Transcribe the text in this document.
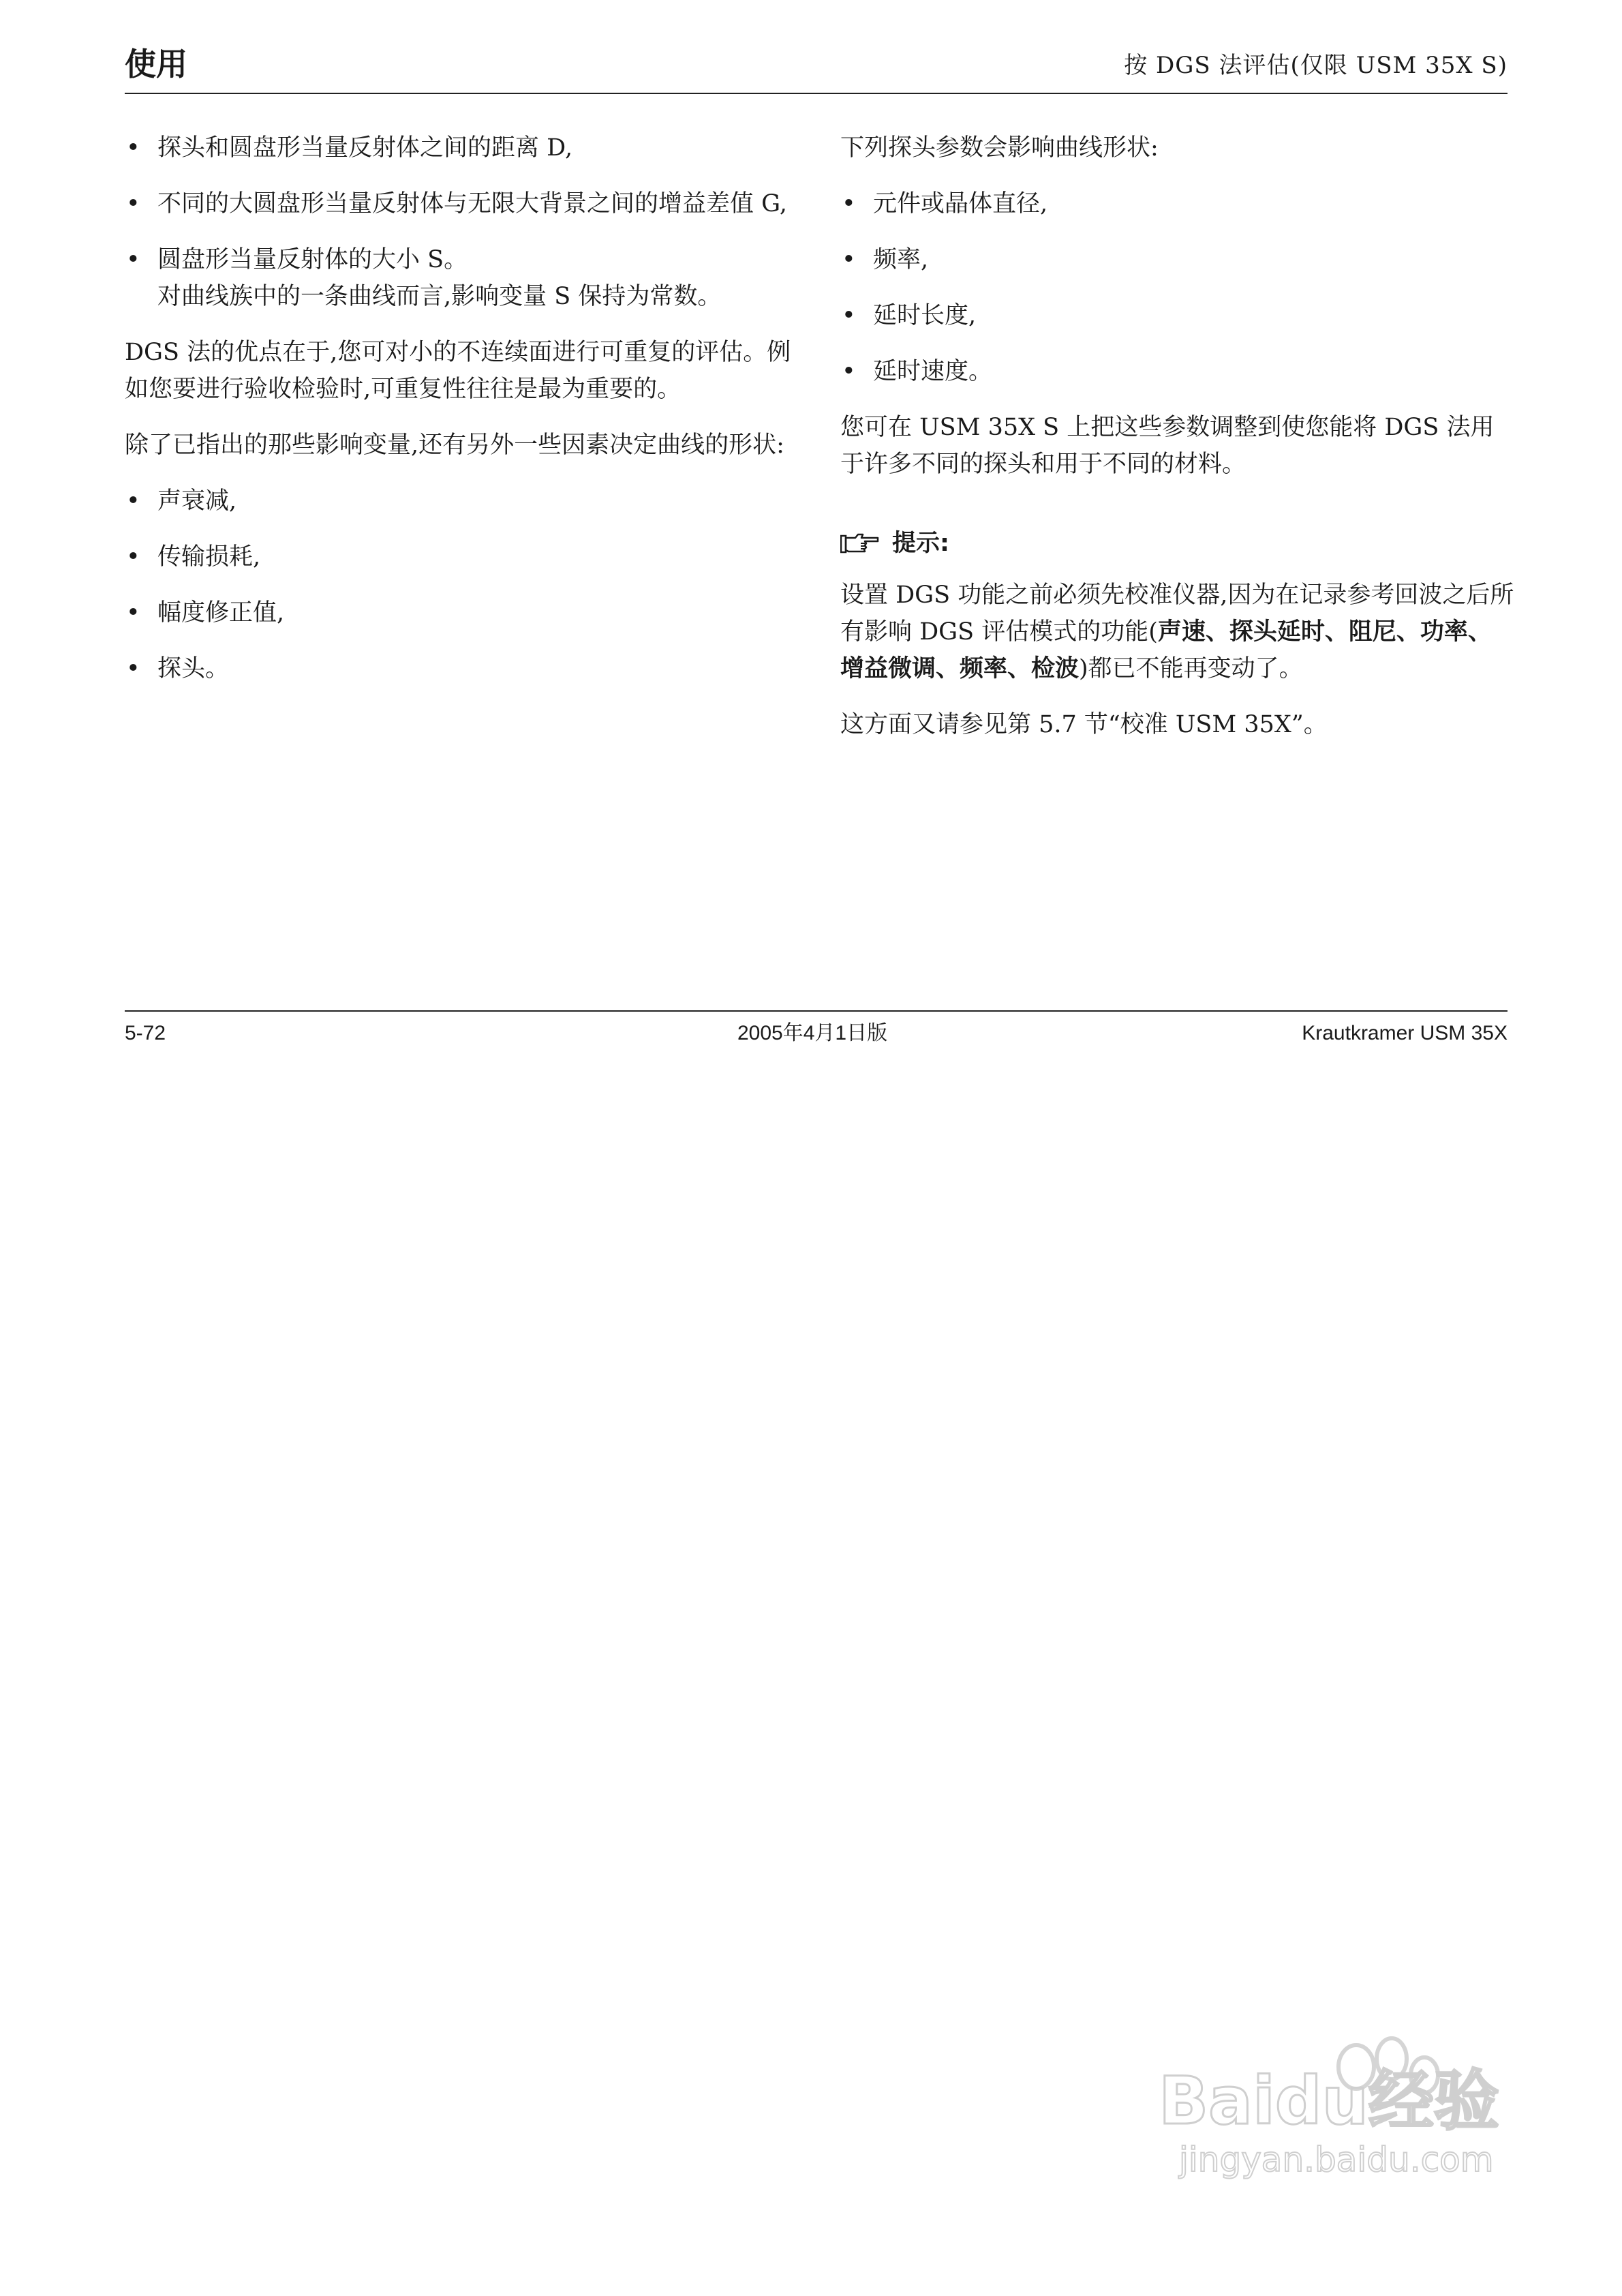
使用	按 DGS 法评估(仅限 USM 35X S)
• 探头和圆盘形当量反射体之间的距离 D,
• 不同的大圆盘形当量反射体与无限大背景之间的增益差值 G,
• 圆盘形当量反射体的大小 S。
对曲线族中的一条曲线而言,影响变量 S 保持为常数。

DGS 法的优点在于,您可对小的不连续面进行可重复的评估。例如您要进行验收检验时,可重复性往往是最为重要的。

除了已指出的那些影响变量,还有另外一些因素决定曲线的形状:

• 声衰减,
• 传输损耗,
• 幅度修正值,
• 探头。

下列探头参数会影响曲线形状:

• 元件或晶体直径,
• 频率,
• 延时长度,
• 延时速度。

您可在 USM 35X S 上把这些参数调整到使您能将 DGS 法用于许多不同的探头和用于不同的材料。

提示:

设置 DGS 功能之前必须先校准仪器,因为在记录参考回波之后所有影响 DGS 评估模式的功能(声速、探头延时、阻尼、功率、增益微调、频率、检波)都已不能再变动了。

这方面又请参见第 5.7 节“校准 USM 35X”。

5-72	2005年4月1日版	Krautkramer USM 35X
Baidu经验
jingyan.baidu.com
